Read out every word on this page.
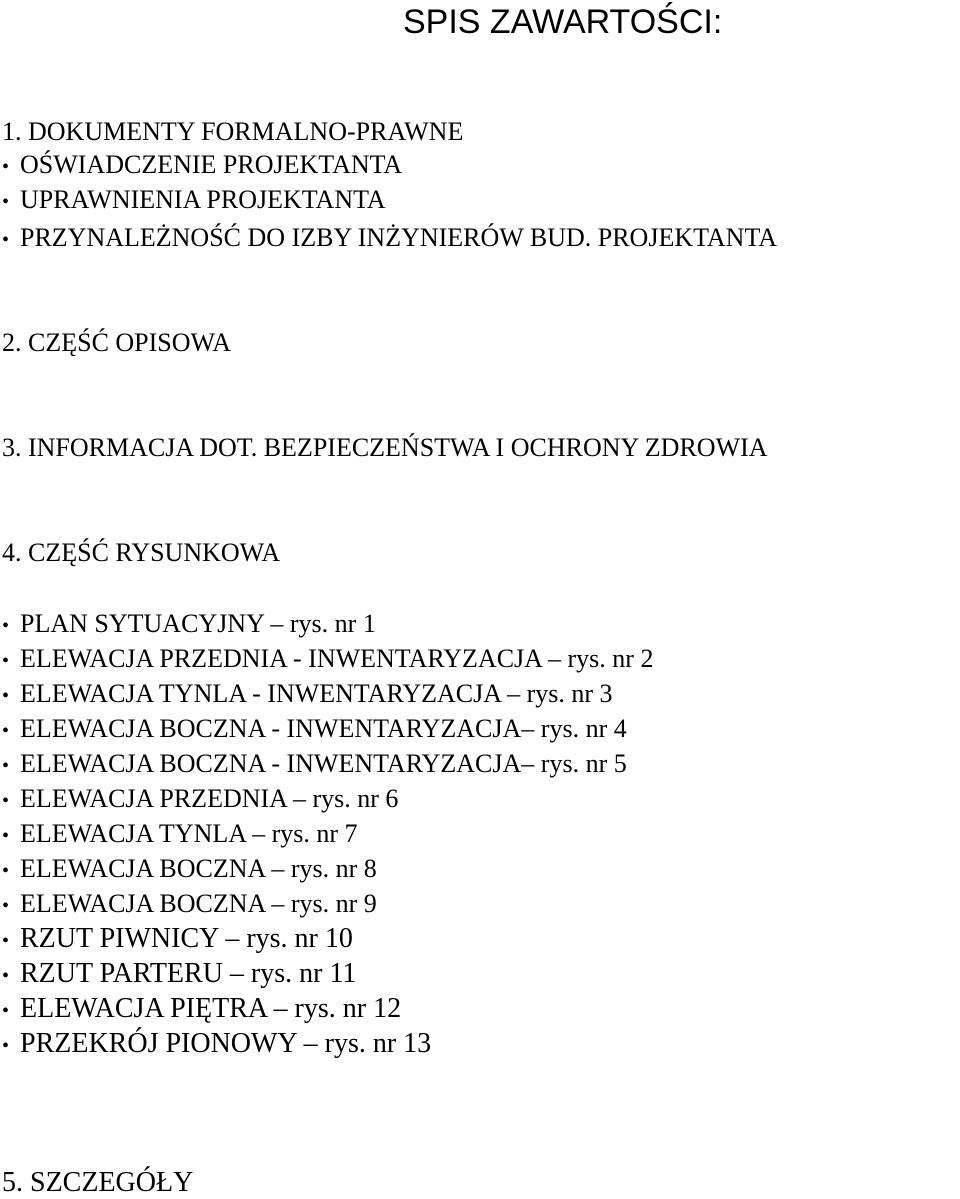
SPIS ZAWARTOŚCI:
1. DOKUMENTY FORMALNO-PRAWNE
• OŚWIADCZENIE PROJEKTANTA
• UPRAWNIENIA PROJEKTANTA
• PRZYNALEŻNOŚĆ DO IZBY INŻYNIERÓW BUD. PROJEKTANTA
2. CZĘŚĆ OPISOWA
3. INFORMACJA DOT. BEZPIECZEŃSTWA I OCHRONY ZDROWIA
4. CZĘŚĆ RYSUNKOWA
• PLAN SYTUACYJNY – rys. nr 1
• ELEWACJA PRZEDNIA - INWENTARYZACJA – rys. nr 2
• ELEWACJA TYNLA - INWENTARYZACJA – rys. nr 3
• ELEWACJA BOCZNA - INWENTARYZACJA– rys. nr 4
• ELEWACJA BOCZNA - INWENTARYZACJA– rys. nr 5
• ELEWACJA PRZEDNIA – rys. nr 6
• ELEWACJA TYNLA – rys. nr 7
• ELEWACJA BOCZNA – rys. nr 8
• ELEWACJA BOCZNA – rys. nr 9
• RZUT PIWNICY – rys. nr 10
• RZUT PARTERU – rys. nr 11
• ELEWACJA PIĘTRA – rys. nr 12
• PRZEKRÓJ PIONOWY – rys. nr 13
5. SZCZEGÓŁY
